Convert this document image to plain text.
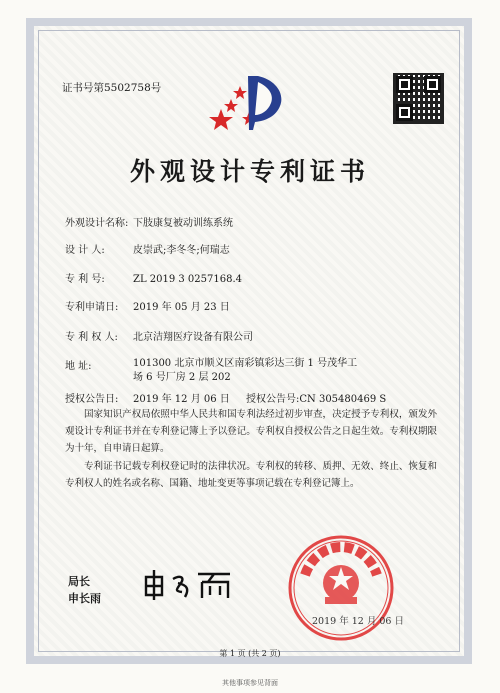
证书号第5502758号
外观设计专利证书
外观设计名称: 下肢康复被动训练系统
设 计 人:	皮崇武;李冬冬;何瑞志
专 利 号:	ZL 2019 3 0257168.4
专利申请日: 2019 年 05 月 23 日
专 利 权 人: 北京洁翔医疗设备有限公司
地 址:	101300 北京市顺义区南彩镇彩达三街 1 号茂华工场 6 号厂房 2 层 202
授权公告日: 2019 年 12 月 06 日 授权公告号:CN 305480469 S
国家知识产权局依照中华人民共和国专利法经过初步审查，决定授予专利权，颁发外观设计专利证书并在专利登记簿上予以登记。专利权自授权公告之日起生效。专利权期限为十年，自申请日起算。
专利证书记载专利权登记时的法律状况。专利权的转移、质押、无效、终止、恢复和专利权人的姓名或名称、国籍、地址变更等事项记载在专利登记簿上。
局长
申长雨
2019 年 12 月 06 日
第 1 页 (共 2 页)
其他事项参见背面
